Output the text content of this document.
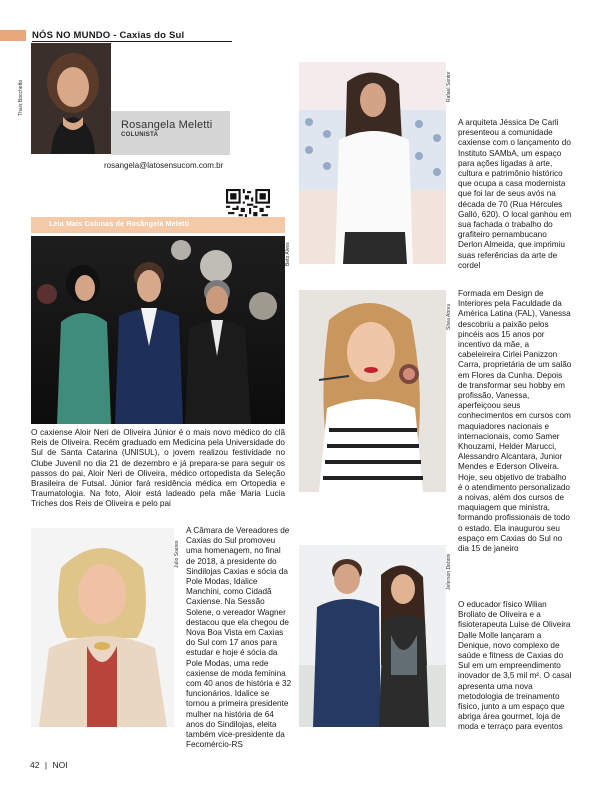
NÓS NO MUNDO - Caxias do Sul
Thaís Bocchetto
Rosangela Meletti
COLUNISTA
rosangela@latosensucom.com.br
Leia Mais Colunas de Rosângela Meletti
Beto Alves
O caxiense Aloir Neri de Oliveira Júnior é o mais novo médico do clã Reis de Oliveira. Recém graduado em Medicina pela Universidade do Sul de Santa Catarina (UNISUL), o jovem realizou festividade no Clube Juvenil no dia 21 de dezembro e já prepara-se para seguir os passos do pai, Aloir Neri de Oliveira, médico ortopedista da Seleção Brasileira de Futsal. Júnior fará residência médica em Ortopedia e Traumatologia. Na foto, Aloir está ladeado pela mãe Maria Lucia Triches dos Reis de Oliveira e pelo pai
Rafael Santor
A arquiteta Jéssica De Carli presenteou a comunidade caxiense com o lançamento do Instituto SAMbA, um espaço para ações ligadas à arte, cultura e patrimônio histórico que ocupa a casa modernista que foi lar de seus avós na década de 70 (Rua Hércules Galló, 620). O local ganhou em sua fachada o trabalho do grafiteiro pernambucano Derlon Almeida, que imprimiu suas referências da arte de cordel
Silvia Abreu
Formada em Design de Interiores pela Faculdade da América Latina (FAL), Vanessa descobriu a paixão pelos pincéis aos 15 anos por incentivo da mãe, a cabeleireira Cirlei Panizzon Carra, proprietária de um salão em Flores da Cunha. Depois de transformar seu hobby em profissão, Vanessa, aperfeiçoou seus conhecimentos em cursos com maquiadores nacionais e internacionais, como Samer Khouzami, Helder Marucci, Alessandro Alcantara, Junior Mendes e Ederson Oliveira. Hoje, seu objetivo de trabalho é o atendimento personalizado a noivas, além dos cursos de maquiagem que ministra, formando profissionais de todo o estado. Ela inaugurou seu espaço em Caxias do Sul no dia 15 de janeiro
Julio Soares
A Câmara de Vereadores de Caxias do Sul promoveu uma homenagem, no final de 2018, à presidente do Sindilojas Caxias e sócia da Pole Modas, Idalice Manchini, como Cidadã Caxiense. Na Sessão Solene, o vereador Wagner destacou que ela chegou de Nova Boa Vista em Caxias do Sul com 17 anos para estudar e hoje é sócia da Pole Modas, uma rede caxiense de moda feminina com 40 anos de história e 32 funcionários. Idalice se tornou a primeira presidente mulher na história de 64 anos do Sindilojas, eleita também vice-presidente da Fecomércio-RS
Jeferson Deboni
O educador físico Wilian Broliato de Oliveira e a fisioterapeuta Luise de Oliveira Dalle Molle lançaram a Denique, novo complexo de saúde e fitness de Caxias do Sul em um empreendimento inovador de 3,5 mil m². O casal apresenta uma nova metodologia de treinamento físico, junto a um espaço que abriga área gourmet, loja de moda e terraço para eventos
42 | NOI
